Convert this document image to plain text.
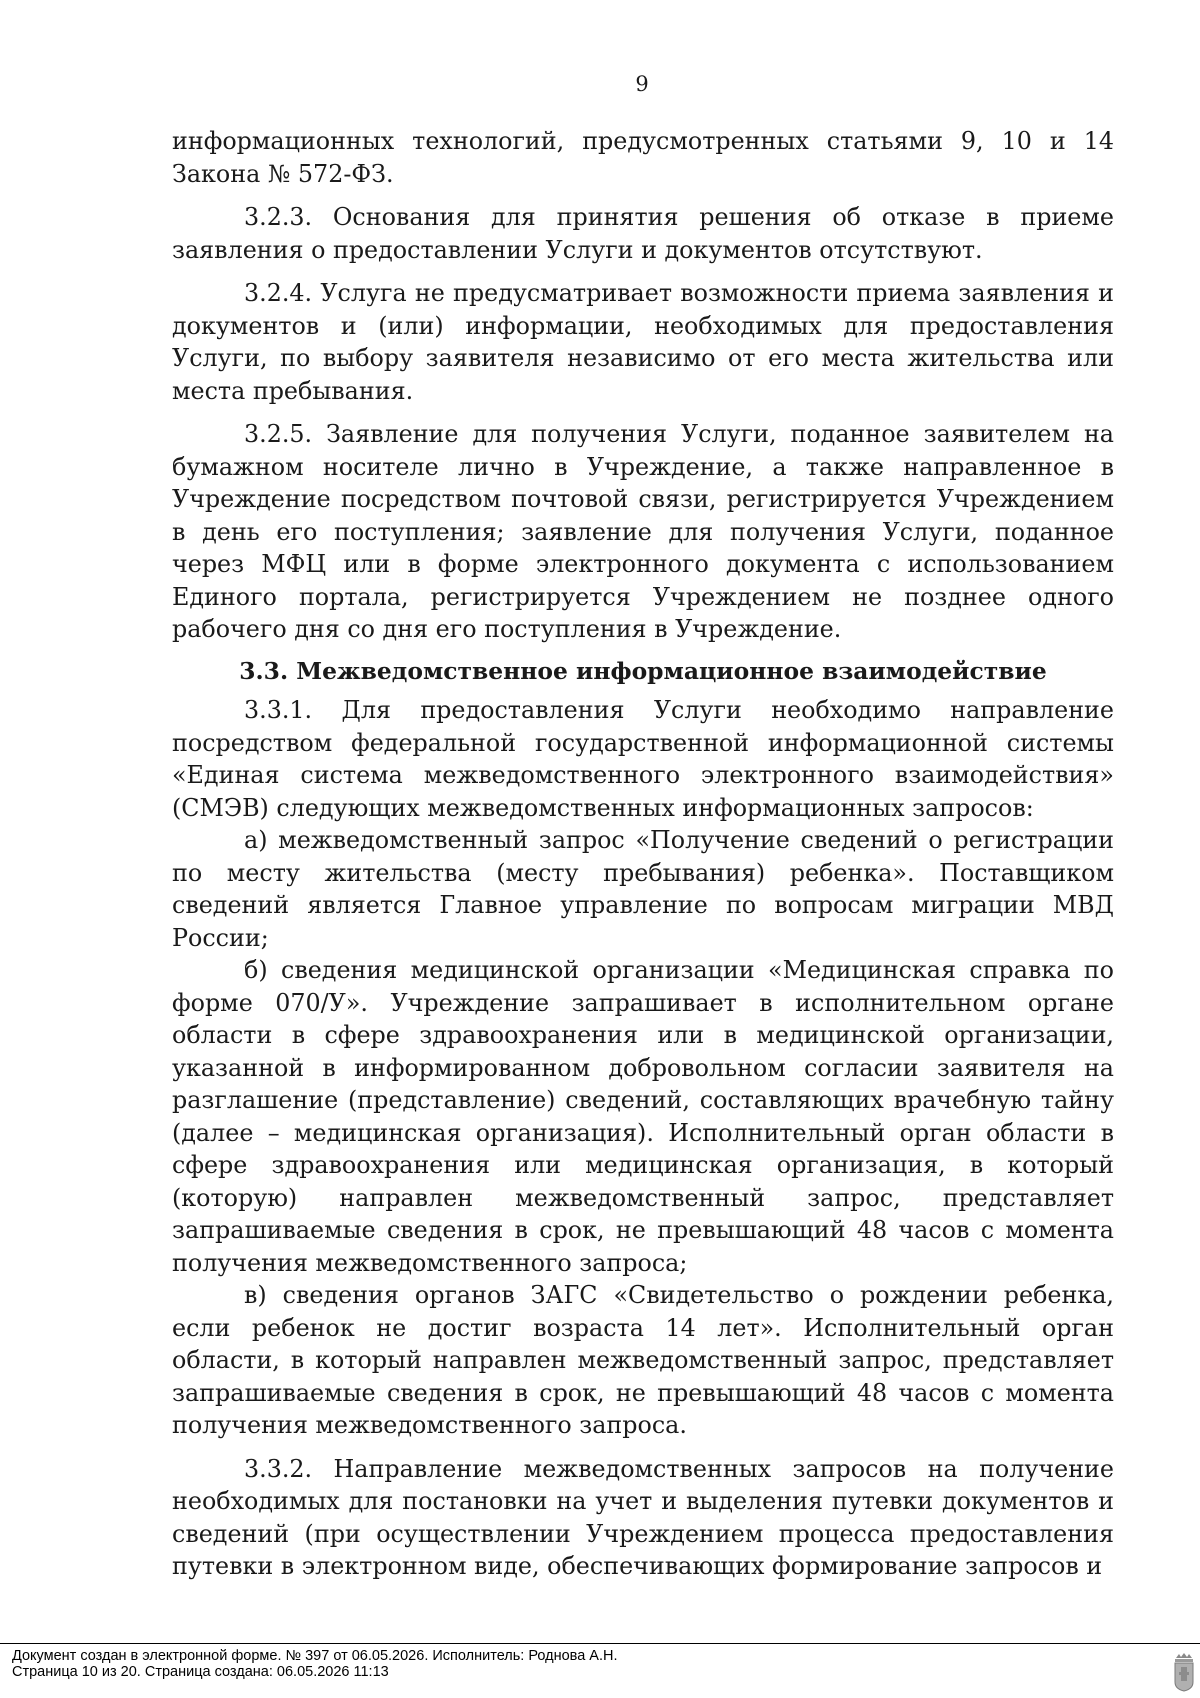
9

информационных технологий, предусмотренных статьями 9, 10 и 14 Закона № 572-ФЗ.

3.2.3. Основания для принятия решения об отказе в приеме заявления о предоставлении Услуги и документов отсутствуют.

3.2.4. Услуга не предусматривает возможности приема заявления и документов и (или) информации, необходимых для предоставления Услуги, по выбору заявителя независимо от его места жительства или места пребывания.

3.2.5. Заявление для получения Услуги, поданное заявителем на бумажном носителе лично в Учреждение, а также направленное в Учреждение посредством почтовой связи, регистрируется Учреждением в день его поступления; заявление для получения Услуги, поданное через МФЦ или в форме электронного документа с использованием Единого портала, регистрируется Учреждением не позднее одного рабочего дня со дня его поступления в Учреждение.

3.3. Межведомственное информационное взаимодействие

3.3.1. Для предоставления Услуги необходимо направление посредством федеральной государственной информационной системы «Единая система межведомственного электронного взаимодействия» (СМЭВ) следующих межведомственных информационных запросов:

а) межведомственный запрос «Получение сведений о регистрации по месту жительства (месту пребывания) ребенка». Поставщиком сведений является Главное управление по вопросам миграции МВД России;

б) сведения медицинской организации «Медицинская справка по форме 070/У». Учреждение запрашивает в исполнительном органе области в сфере здравоохранения или в медицинской организации, указанной в информированном добровольном согласии заявителя на разглашение (представление) сведений, составляющих врачебную тайну (далее – медицинская организация). Исполнительный орган области в сфере здравоохранения или медицинская организация, в который (которую) направлен межведомственный запрос, представляет запрашиваемые сведения в срок, не превышающий 48 часов с момента получения межведомственного запроса;

в) сведения органов ЗАГС «Свидетельство о рождении ребенка, если ребенок не достиг возраста 14 лет». Исполнительный орган области, в который направлен межведомственный запрос, представляет запрашиваемые сведения в срок, не превышающий 48 часов с момента получения межведомственного запроса.

3.3.2. Направление межведомственных запросов на получение необходимых для постановки на учет и выделения путевки документов и сведений (при осуществлении Учреждением процесса предоставления путевки в электронном виде, обеспечивающих формирование запросов и

Документ создан в электронной форме. № 397 от 06.05.2026. Исполнитель: Роднова А.Н.
Страница 10 из 20. Страница создана: 06.05.2026 11:13
